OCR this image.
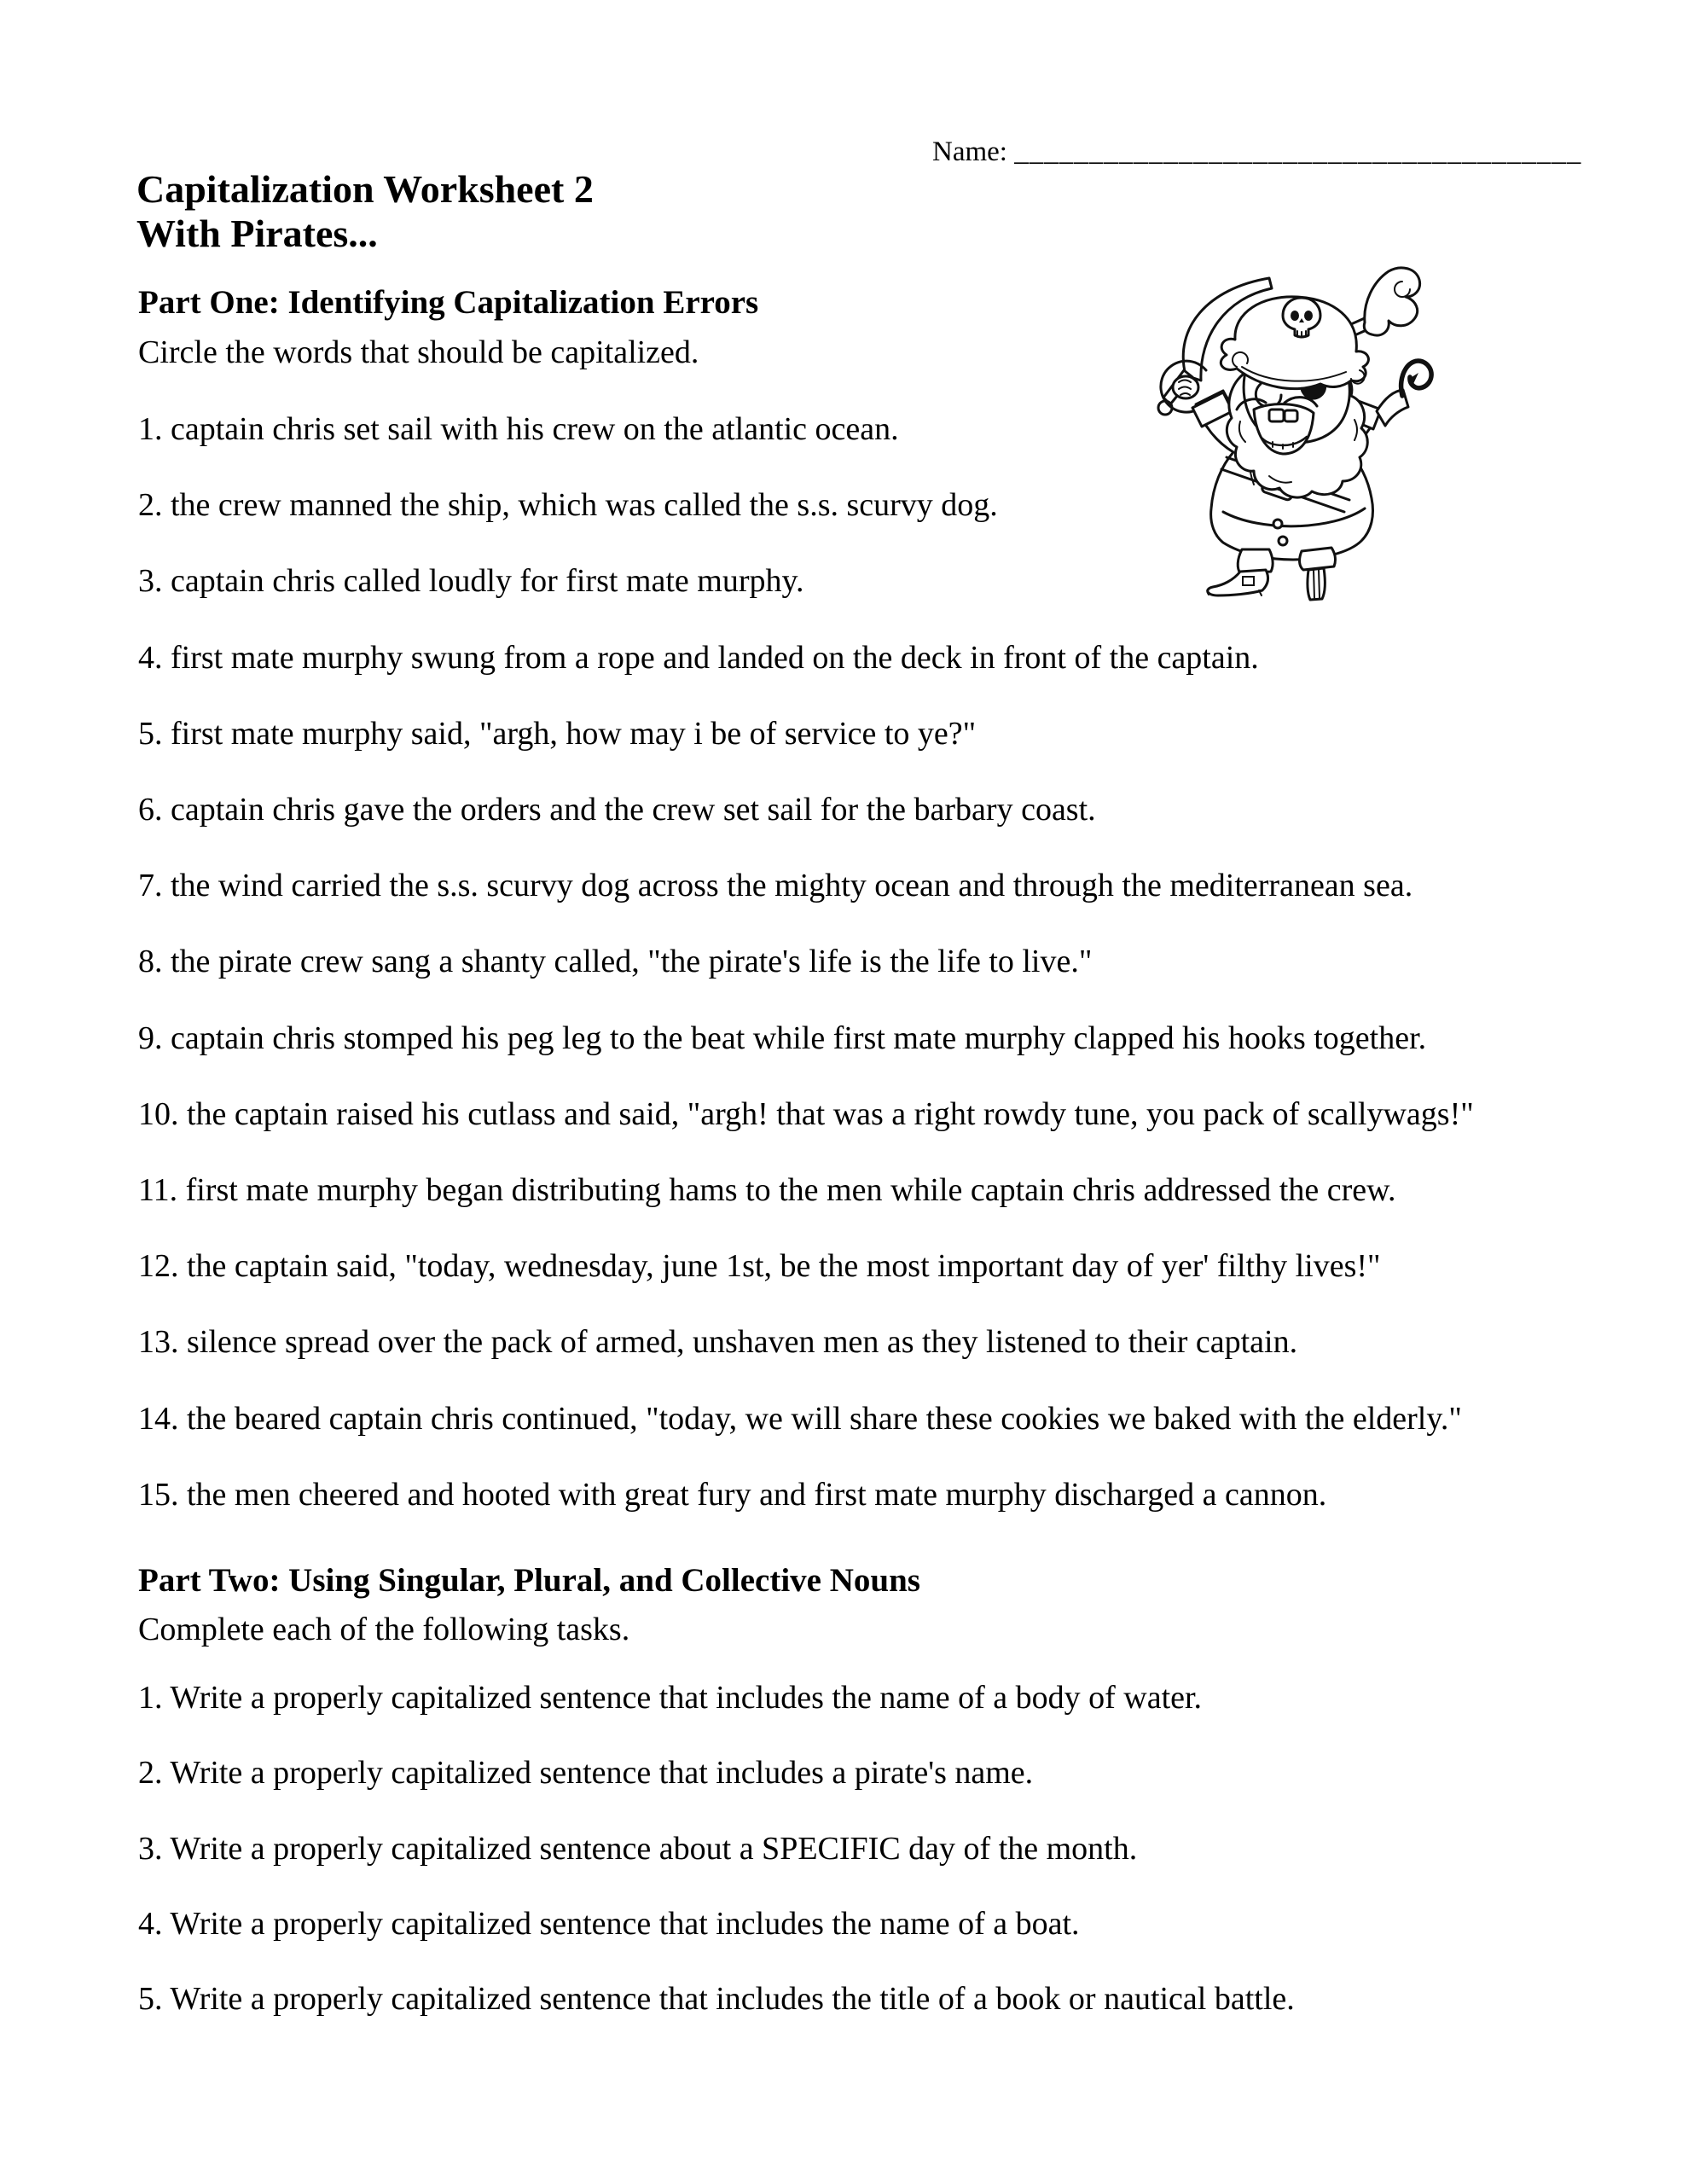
Name: ______________________________________
Capitalization Worksheet 2
With Pirates...
Part One: Identifying Capitalization Errors
Circle the words that should be capitalized.
1. captain chris set sail with his crew on the atlantic ocean.
2. the crew manned the ship, which was called the s.s. scurvy dog.
3. captain chris called loudly for first mate murphy.
4. first mate murphy swung from a rope and landed on the deck in front of the captain.
5. first mate murphy said, "argh, how may i be of service to ye?"
6. captain chris gave the orders and the crew set sail for the barbary coast.
7. the wind carried the s.s. scurvy dog across the mighty ocean and through the mediterranean sea.
8. the pirate crew sang a shanty called, "the pirate's life is the life to live."
9. captain chris stomped his peg leg to the beat while first mate murphy clapped his hooks together.
10. the captain raised his cutlass and said, "argh! that was a right rowdy tune, you pack of scallywags!"
11. first mate murphy began distributing hams to the men while captain chris addressed the crew.
12. the captain said, "today, wednesday, june 1st, be the most important day of yer' filthy lives!"
13. silence spread over the pack of armed, unshaven men as they listened to their captain.
14. the beared captain chris continued, "today, we will share these cookies we baked with the elderly."
15. the men cheered and hooted with great fury and first mate murphy discharged a cannon.
Part Two: Using Singular, Plural, and Collective Nouns
Complete each of the following tasks.
1. Write a properly capitalized sentence that includes the name of a body of water.
2. Write a properly capitalized sentence that includes a pirate's name.
3. Write a properly capitalized sentence about a SPECIFIC day of the month.
4. Write a properly capitalized sentence that includes the name of a boat.
5. Write a properly capitalized sentence that includes the title of a book or nautical battle.
